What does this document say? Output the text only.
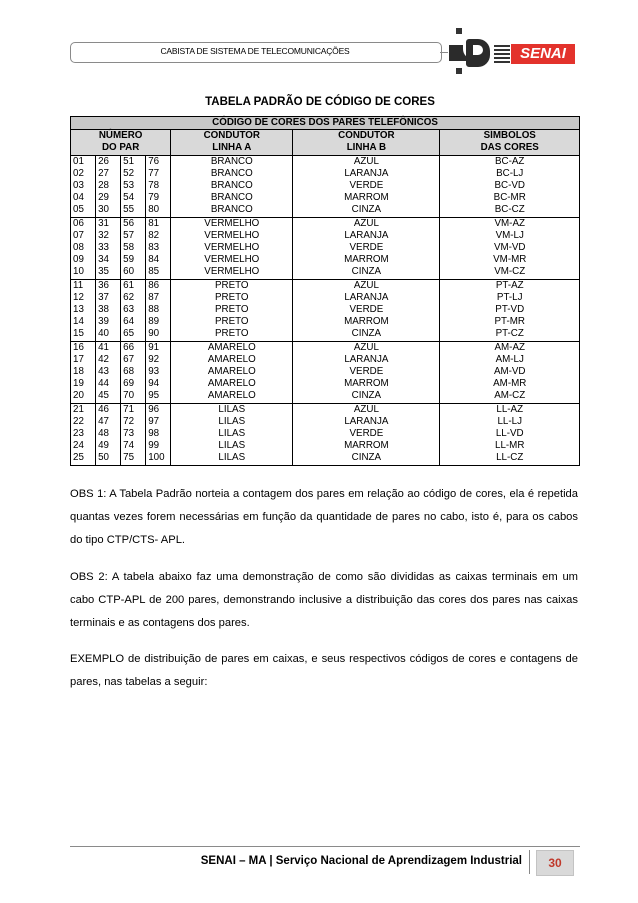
CABISTA DE SISTEMA DE TELECOMUNICAÇÕES	SENAI
TABELA PADRÃO DE CÓDIGO DE CORES
CÓDIGO DE CORES DOS PARES TELEFÔNICOS						
NÚMERO				CONDUTOR	CONDUTOR	SÍMBOLOS
DO PAR				LINHA A	LINHA B	DAS CORES
01	26	51	76	BRANCO	AZUL	BC-AZ
02	27	52	77	BRANCO	LARANJA	BC-LJ
03	28	53	78	BRANCO	VERDE	BC-VD
04	29	54	79	BRANCO	MARROM	BC-MR
05	30	55	80	BRANCO	CINZA	BC-CZ
06	31	56	81	VERMELHO	AZUL	VM-AZ
07	32	57	82	VERMELHO	LARANJA	VM-LJ
08	33	58	83	VERMELHO	VERDE	VM-VD
09	34	59	84	VERMELHO	MARROM	VM-MR
10	35	60	85	VERMELHO	CINZA	VM-CZ
11	36	61	86	PRETO	AZUL	PT-AZ
12	37	62	87	PRETO	LARANJA	PT-LJ
13	38	63	88	PRETO	VERDE	PT-VD
14	39	64	89	PRETO	MARROM	PT-MR
15	40	65	90	PRETO	CINZA	PT-CZ
16	41	66	91	AMARELO	AZUL	AM-AZ
17	42	67	92	AMARELO	LARANJA	AM-LJ
18	43	68	93	AMARELO	VERDE	AM-VD
19	44	69	94	AMARELO	MARROM	AM-MR
20	45	70	95	AMARELO	CINZA	AM-CZ
21	46	71	96	LILAS	AZUL	LL-AZ
22	47	72	97	LILAS	LARANJA	LL-LJ
23	48	73	98	LILAS	VERDE	LL-VD
24	49	74	99	LILAS	MARROM	LL-MR
25	50	75	100	LILAS	CINZA	LL-CZ
OBS 1: A Tabela Padrão norteia a contagem dos pares em relação ao código de cores, ela é repetida quantas vezes forem necessárias em função da quantidade de pares no cabo, isto é, para os cabos do tipo CTP/CTS- APL.
OBS 2: A tabela abaixo faz uma demonstração de como são divididas as caixas terminais em um cabo CTP-APL de 200 pares, demonstrando inclusive a distribuição das cores dos pares nas caixas terminais e as contagens dos pares.
EXEMPLO de distribuição de pares em caixas, e seus respectivos códigos de cores e contagens de pares, nas tabelas a seguir:
SENAI – MA | Serviço Nacional de Aprendizagem Industrial	30
